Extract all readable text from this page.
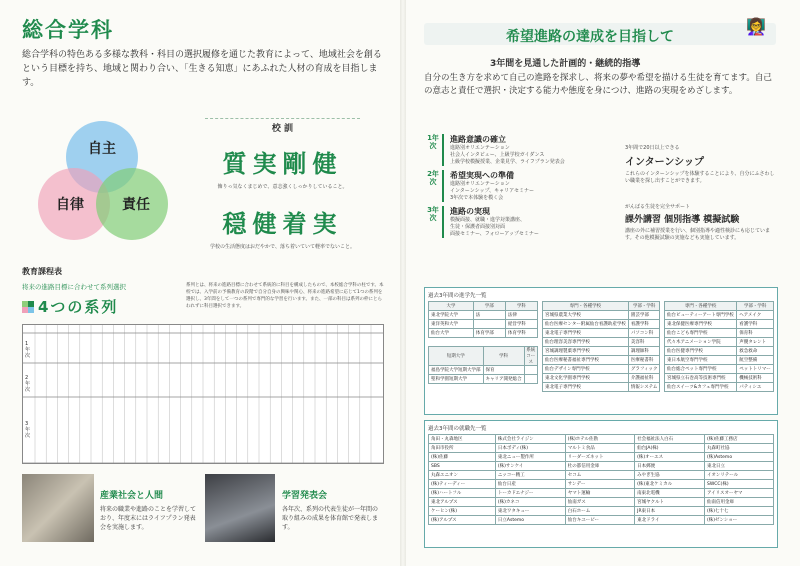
総合学科
総合学科の特色ある多様な教科・科目の選択履修を通じた教育によって、地域社会を創るという目標を持ち、地域と関わり合い、「生きる知恵」にあふれた人材の育成を目指します。
自主
自律	責任
校 訓
質実剛健
飾りっ気なくまじめで、意志強くしっかりしていること。
穏健着実
学校の生活態度はおだやかで、落ち着いていて軽率でないこと。
教育課程表
将来の進路目標に合わせて系列選択
4つの系列
系列とは、将来の進路目標に合わせて系統的に科目を構成したもので、本校総合学科の柱です。本校では、入学前の予備教育の段階で自分自身の興味や関心、将来の進路希望に応じて1つの系列を選択し、3年間をして一つの系列で専門的な学習を行います。また、一部の科目は系列の枠にとらわれずに科目選択できます。
1年次
2年次
3年次
産業社会と人間
将来の職業や進路のことを学習しており、年度末にはライフプラン発表会を実施します。
学習発表会
各年次、系列の代表生徒が一年間の取り組みの成果を体育館で発表します。
希望進路の達成を目指して
👩‍🏫
3年間を見通した計画的・継続的指導
自分の生き方を求めて自己の進路を探求し、将来の夢や希望を描ける生徒を育てます。自己の意志と責任で選択・決定する能力や態度を身につけ、進路の実現をめざします。
1年次
進路意識の確立
進路別オリエンテーション
社会人インタビュー、上級学校ガイダンス
上級学校模擬授業、企業見学、ライフプラン発表会
2年次
希望実現への準備
進路別オリエンテーション
インターンシップ、キャリアセミナー
3年次で本体験を模く会
3年次
進路の実現
模擬面接、就職・進学対策講座、
生徒・保護者面接別対面
面接セミナー、フォローアップセミナー
3年間で20日以上できる
インターンシップ
これらのインターンシップを体験することにより、自分にふさわしい職業を探し出すことができます。
がんばる生徒を完全サポート
課外講習 個別指導 模擬試験
講座の外に補習授業を行い、個別指導や適性検診にも応じています。その他模擬試験の実施なども実施しています。
過去3年間の進学先一覧
大学	学部	学科
東北学院大学	法	法律
東洋英和大学		経営学科
仙台大学	体育学部	体育学科
短期大学	学科	系統コース
福島学院大学短期大学部	保育	
聖和学園短期大学	キャリア開発総合	
専門・各種学校	学部・学科
宮城県農業大学校	園芸学部
仙台医療センター附属仙台看護助産学校	看護学科
東北電子専門学校	パソコン科
仙台理容美容専門学校	美容科
宮城調理製菓専門学校	調理師科
仙台医療秘書福祉専門学校	医療秘書科
仙台デザイン専門学校	グラフィック
東北文化学園専門学校	介護福祉科
東北電子専門学校	情報システム
専門・各種学校	学部・学科
仙台ビューティーアート専門学校	ヘアメイク
東北保健医療専門学校	看護学科
仙台こども専門学校	保育科
代々木アニメーション学院	声優タレント
仙台医健専門学校	救急救命
東日本航空専門学校	航空整備
仙台総合ペット専門学校	ペットトリマー
宮城県立石巻高等技術専門校	機械技術科
仙台スイーツ&カフェ専門学校	パティシエ
過去3年間の就職先一覧
角田・丸森地区	株式会社ライジン	(株)ホテル佐勘	社会福祉法人白石	(株)佐藤工務店
角田市役所	日本ボディ(株)	マルトミ食品	仙台JA(株)	丸森町社協
(株)佐藤	東北ニュー製作所	リーダーズネット	(株)オーエス	(株)Astemo
SBS	(株)サンケイ	杜の都信用金庫	日本郵便	東北日立
丸森ユニオン	ニッコー精工	セコム	みやぎ生協	イオンリテール
(株)ティーディー	仙台日産	サンデー	(株)東北ケミカル	SWCC(株)
(株)ハートフル	トーカドエナジー	ヤマト運輸	南東北電機	アイリスオーヤマ
東北アルプス	(株)カネコ	仙南ガス	宮城ヤクルト	仙南信用金庫
ケーヒン(株)	東北ワタキュー	白石ホーム	JR東日本	(株)七十七
(株)アルプス	日立Astemo	仙台キユーピー	東北ドライ	(株)ゼンショー
